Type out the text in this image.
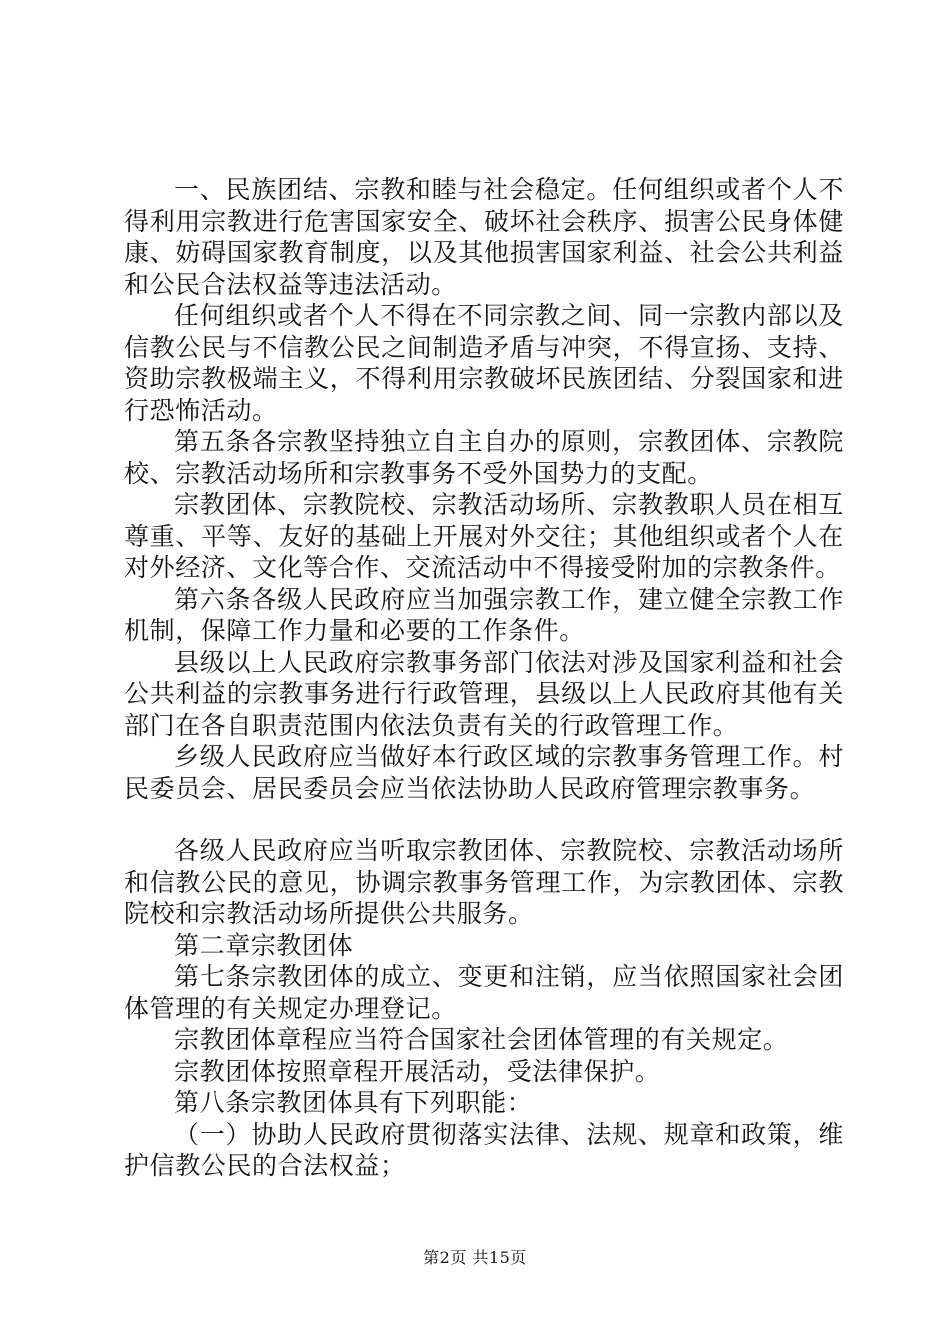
一、民族团结、宗教和睦与社会稳定。任何组织或者个人不得利用宗教进行危害国家安全、破坏社会秩序、损害公民身体健康、妨碍国家教育制度，以及其他损害国家利益、社会公共利益和公民合法权益等违法活动。

任何组织或者个人不得在不同宗教之间、同一宗教内部以及信教公民与不信教公民之间制造矛盾与冲突，不得宣扬、支持、资助宗教极端主义，不得利用宗教破坏民族团结、分裂国家和进行恐怖活动。

第五条各宗教坚持独立自主自办的原则，宗教团体、宗教院校、宗教活动场所和宗教事务不受外国势力的支配。

宗教团体、宗教院校、宗教活动场所、宗教教职人员在相互尊重、平等、友好的基础上开展对外交往；其他组织或者个人在对外经济、文化等合作、交流活动中不得接受附加的宗教条件。

第六条各级人民政府应当加强宗教工作，建立健全宗教工作机制，保障工作力量和必要的工作条件。

县级以上人民政府宗教事务部门依法对涉及国家利益和社会公共利益的宗教事务进行行政管理，县级以上人民政府其他有关部门在各自职责范围内依法负责有关的行政管理工作。

乡级人民政府应当做好本行政区域的宗教事务管理工作。村民委员会、居民委员会应当依法协助人民政府管理宗教事务。

各级人民政府应当听取宗教团体、宗教院校、宗教活动场所和信教公民的意见，协调宗教事务管理工作，为宗教团体、宗教院校和宗教活动场所提供公共服务。

第二章宗教团体

第七条宗教团体的成立、变更和注销，应当依照国家社会团体管理的有关规定办理登记。

宗教团体章程应当符合国家社会团体管理的有关规定。

宗教团体按照章程开展活动，受法律保护。

第八条宗教团体具有下列职能：

（一）协助人民政府贯彻落实法律、法规、规章和政策，维护信教公民的合法权益；

第2页 共15页
